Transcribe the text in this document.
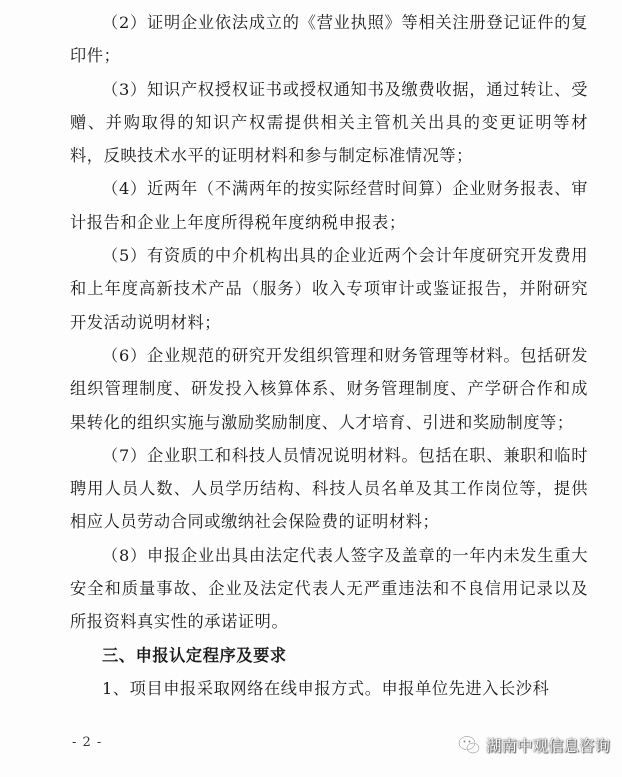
（2）证明企业依法成立的《营业执照》等相关注册登记证件的复印件；

（3）知识产权授权证书或授权通知书及缴费收据，通过转让、受赠、并购取得的知识产权需提供相关主管机关出具的变更证明等材料，反映技术水平的证明材料和参与制定标准情况等；

（4）近两年（不满两年的按实际经营时间算）企业财务报表、审计报告和企业上年度所得税年度纳税申报表；

（5）有资质的中介机构出具的企业近两个会计年度研究开发费用和上年度高新技术产品（服务）收入专项审计或鉴证报告，并附研究开发活动说明材料；

（6）企业规范的研究开发组织管理和财务管理等材料。包括研发组织管理制度、研发投入核算体系、财务管理制度、产学研合作和成果转化的组织实施与激励奖励制度、人才培育、引进和奖励制度等；

（7）企业职工和科技人员情况说明材料。包括在职、兼职和临时聘用人员人数、人员学历结构、科技人员名单及其工作岗位等，提供相应人员劳动合同或缴纳社会保险费的证明材料；

（8）申报企业出具由法定代表人签字及盖章的一年内未发生重大安全和质量事故、企业及法定代表人无严重违法和不良信用记录以及所报资料真实性的承诺证明。

三、申报认定程序及要求

1、项目申报采取网络在线申报方式。申报单位先进入长沙科

- 2 -	湖南中观信息咨询
